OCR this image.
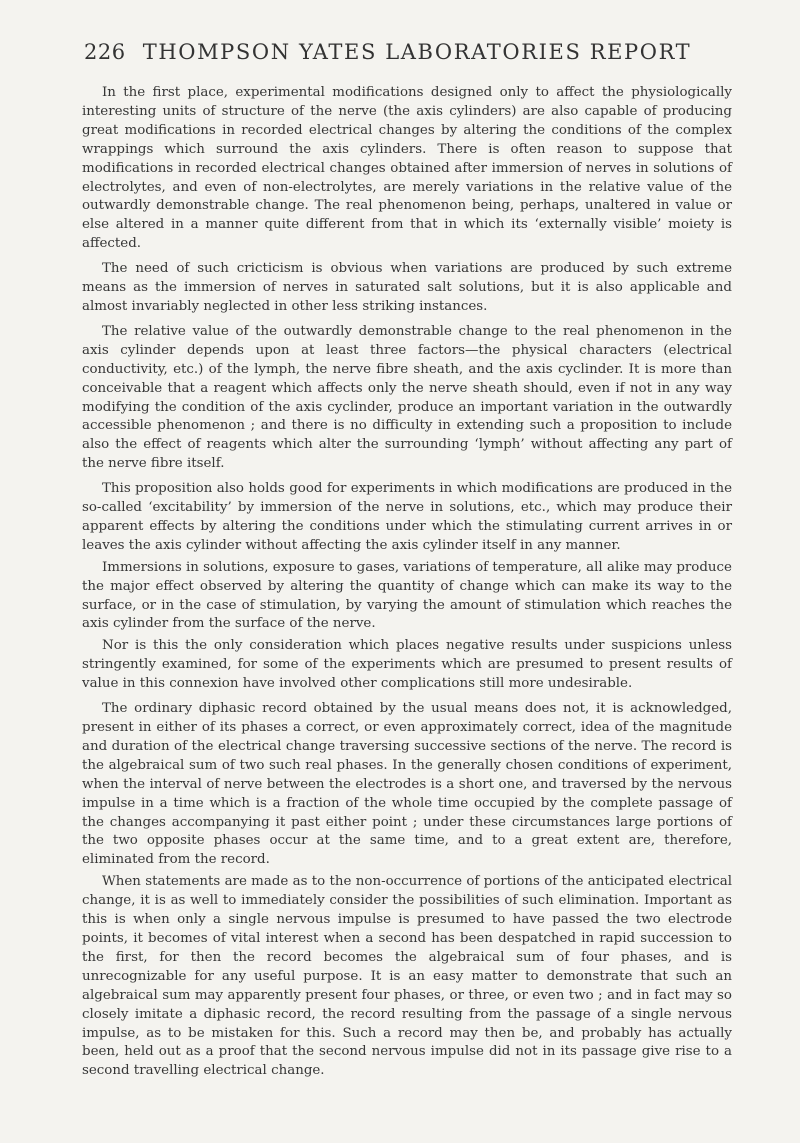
226 THOMPSON YATES LABORATORIES REPORT

In the first place, experimental modifications designed only to affect the physiologically interesting units of structure of the nerve (the axis cylinders) are also capable of producing great modifications in recorded electrical changes by altering the conditions of the complex wrappings which surround the axis cylinders. There is often reason to suppose that modifications in recorded electrical changes obtained after immersion of nerves in solutions of electrolytes, and even of non-electrolytes, are merely variations in the relative value of the outwardly demonstrable change. The real phenomenon being, perhaps, unaltered in value or else altered in a manner quite different from that in which its ‘externally visible’ moiety is affected.

The need of such cricticism is obvious when variations are produced by such extreme means as the immersion of nerves in saturated salt solutions, but it is also applicable and almost invariably neglected in other less striking instances.

The relative value of the outwardly demonstrable change to the real phenomenon in the axis cylinder depends upon at least three factors—the physical characters (electrical conductivity, etc.) of the lymph, the nerve fibre sheath, and the axis cyclinder. It is more than conceivable that a reagent which affects only the nerve sheath should, even if not in any way modifying the condition of the axis cyclinder, produce an important variation in the outwardly accessible phenomenon ; and there is no difficulty in extending such a proposition to include also the effect of reagents which alter the surrounding ‘lymph’ without affecting any part of the nerve fibre itself.

This proposition also holds good for experiments in which modifications are produced in the so-called ‘excitability’ by immersion of the nerve in solutions, etc., which may produce their apparent effects by altering the conditions under which the stimulating current arrives in or leaves the axis cylinder without affecting the axis cylinder itself in any manner.

Immersions in solutions, exposure to gases, variations of temperature, all alike may produce the major effect observed by altering the quantity of change which can make its way to the surface, or in the case of stimulation, by varying the amount of stimulation which reaches the axis cylinder from the surface of the nerve.

Nor is this the only consideration which places negative results under suspicions unless stringently examined, for some of the experiments which are presumed to present results of value in this connexion have involved other complications still more undesirable.

The ordinary diphasic record obtained by the usual means does not, it is acknowledged, present in either of its phases a correct, or even approximately correct, idea of the magnitude and duration of the electrical change traversing successive sections of the nerve. The record is the algebraical sum of two such real phases. In the generally chosen conditions of experiment, when the interval of nerve between the electrodes is a short one, and traversed by the nervous impulse in a time which is a fraction of the whole time occupied by the complete passage of the changes accompanying it past either point ; under these circumstances large portions of the two opposite phases occur at the same time, and to a great extent are, therefore, eliminated from the record.

When statements are made as to the non-occurrence of portions of the anticipated electrical change, it is as well to immediately consider the possibilities of such elimination. Important as this is when only a single nervous impulse is presumed to have passed the two electrode points, it becomes of vital interest when a second has been despatched in rapid succession to the first, for then the record becomes the algebraical sum of four phases, and is unrecognizable for any useful purpose. It is an easy matter to demonstrate that such an algebraical sum may apparently present four phases, or three, or even two ; and in fact may so closely imitate a diphasic record, the record resulting from the passage of a single nervous impulse, as to be mistaken for this. Such a record may then be, and probably has actually been, held out as a proof that the second nervous impulse did not in its passage give rise to a second travelling electrical change.
